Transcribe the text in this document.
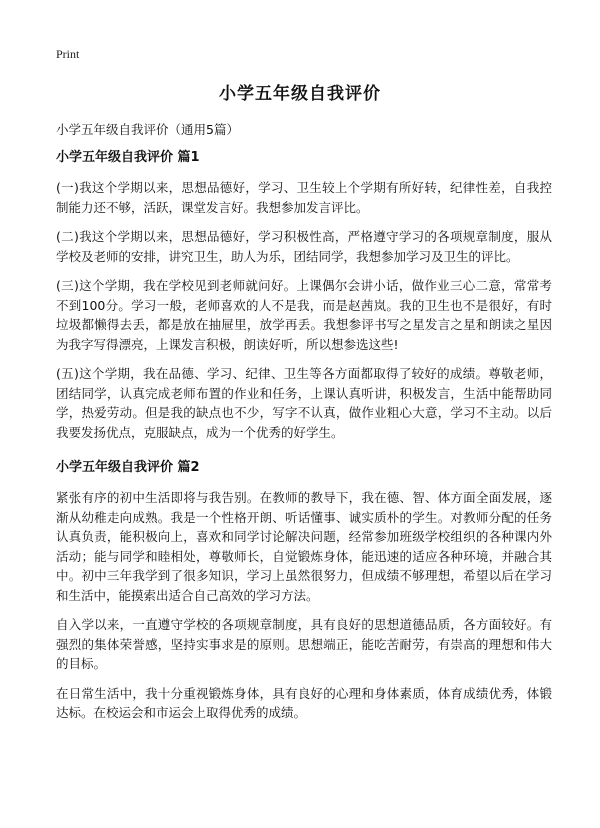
Print
小学五年级自我评价
小学五年级自我评价（通用5篇）
小学五年级自我评价 篇1

(一)我这个学期以来，思想品德好，学习、卫生较上个学期有所好转，纪律性差，自我控制能力还不够，活跃，课堂发言好。我想参加发言评比。

(二)我这个学期以来，思想品德好，学习积极性高，严格遵守学习的各项规章制度，服从学校及老师的安排，讲究卫生，助人为乐，团结同学，我想参加学习及卫生的评比。

(三)这个学期，我在学校见到老师就问好。上课偶尔会讲小话，做作业三心二意，常常考不到100分。学习一般，老师喜欢的人不是我，而是赵茜岚。我的卫生也不是很好，有时垃圾都懒得去丢，都是放在抽屉里，放学再丢。我想参评书写之星发言之星和朗读之星因为我字写得漂亮，上课发言积极，朗读好听，所以想参选这些!

(五)这个学期，我在品德、学习、纪律、卫生等各方面都取得了较好的成绩。尊敬老师，团结同学，认真完成老师布置的作业和任务，上课认真听讲，积极发言，生活中能帮助同学，热爱劳动。但是我的缺点也不少，写字不认真，做作业粗心大意，学习不主动。以后我要发扬优点，克服缺点，成为一个优秀的好学生。

小学五年级自我评价 篇2

紧张有序的初中生活即将与我告别。在教师的教导下，我在德、智、体方面全面发展，逐渐从幼稚走向成熟。我是一个性格开朗、听话懂事、诚实质朴的学生。对教师分配的任务认真负责，能积极向上，喜欢和同学讨论解决问题，经常参加班级学校组织的各种课内外活动；能与同学和睦相处，尊敬师长，自觉锻炼身体，能迅速的适应各种环境，并融合其中。初中三年我学到了很多知识，学习上虽然很努力，但成绩不够理想，希望以后在学习和生活中，能摸索出适合自己高效的学习方法。

自入学以来，一直遵守学校的各项规章制度，具有良好的思想道德品质，各方面较好。有强烈的集体荣誉感，坚持实事求是的原则。思想端正，能吃苦耐劳，有崇高的理想和伟大的目标。

在日常生活中，我十分重视锻炼身体，具有良好的心理和身体素质，体育成绩优秀，体锻达标。在校运会和市运会上取得优秀的成绩。
